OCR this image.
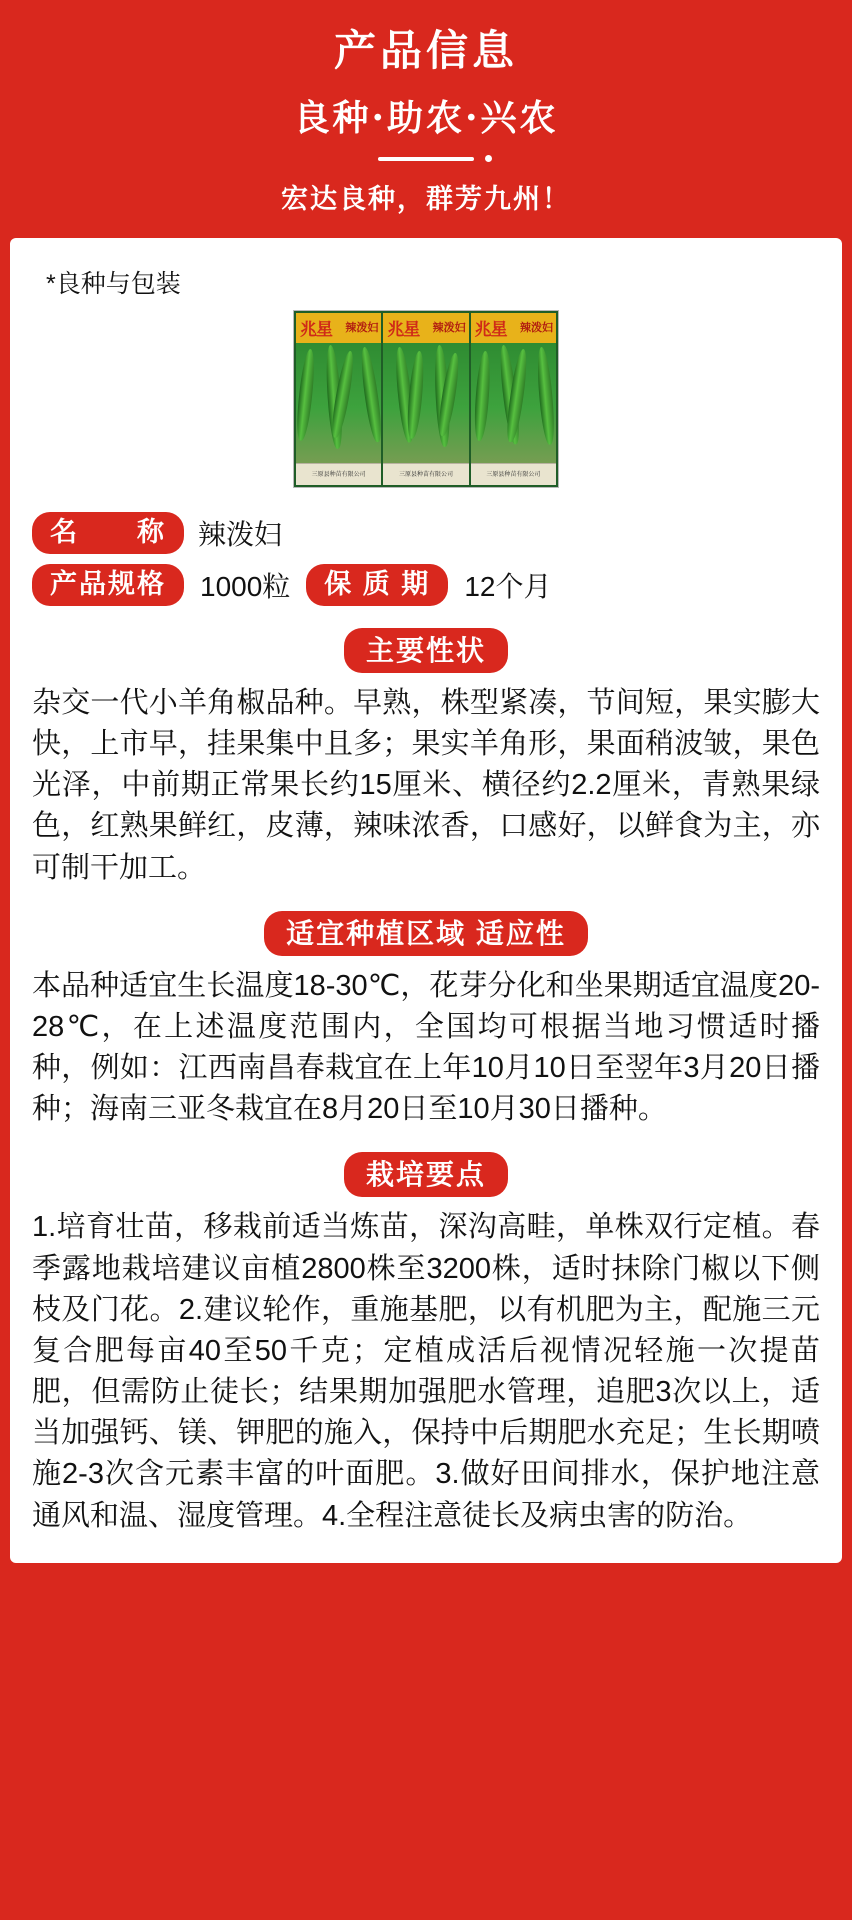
产品信息
良种·助农·兴农
宏达良种，群芳九州！
*良种与包装
兆星 辣泼妇
三原县种苗有限公司
兆星 辣泼妇
三原县种苗有限公司
兆星 辣泼妇
三原县种苗有限公司
名　　称	辣泼妇
产品规格	1000粒	保 质 期	12个月
主要性状
杂交一代小羊角椒品种。早熟，株型紧凑，节间短，果实膨大快，上市早，挂果集中且多；果实羊角形，果面稍波皱，果色光泽，中前期正常果长约15厘米、横径约2.2厘米，青熟果绿色，红熟果鲜红，皮薄，辣味浓香，口感好，以鲜食为主，亦可制干加工。
适宜种植区域 适应性
本品种适宜生长温度18-30℃，花芽分化和坐果期适宜温度20-28℃，在上述温度范围内，全国均可根据当地习惯适时播种，例如：江西南昌春栽宜在上年10月10日至翌年3月20日播种；海南三亚冬栽宜在8月20日至10月30日播种。
栽培要点
1.培育壮苗，移栽前适当炼苗，深沟高畦，单株双行定植。春季露地栽培建议亩植2800株至3200株，适时抹除门椒以下侧枝及门花。2.建议轮作，重施基肥，以有机肥为主，配施三元复合肥每亩40至50千克；定植成活后视情况轻施一次提苗肥，但需防止徒长；结果期加强肥水管理，追肥3次以上，适当加强钙、镁、钾肥的施入，保持中后期肥水充足；生长期喷施2-3次含元素丰富的叶面肥。3.做好田间排水，保护地注意通风和温、湿度管理。4.全程注意徒长及病虫害的防治。
